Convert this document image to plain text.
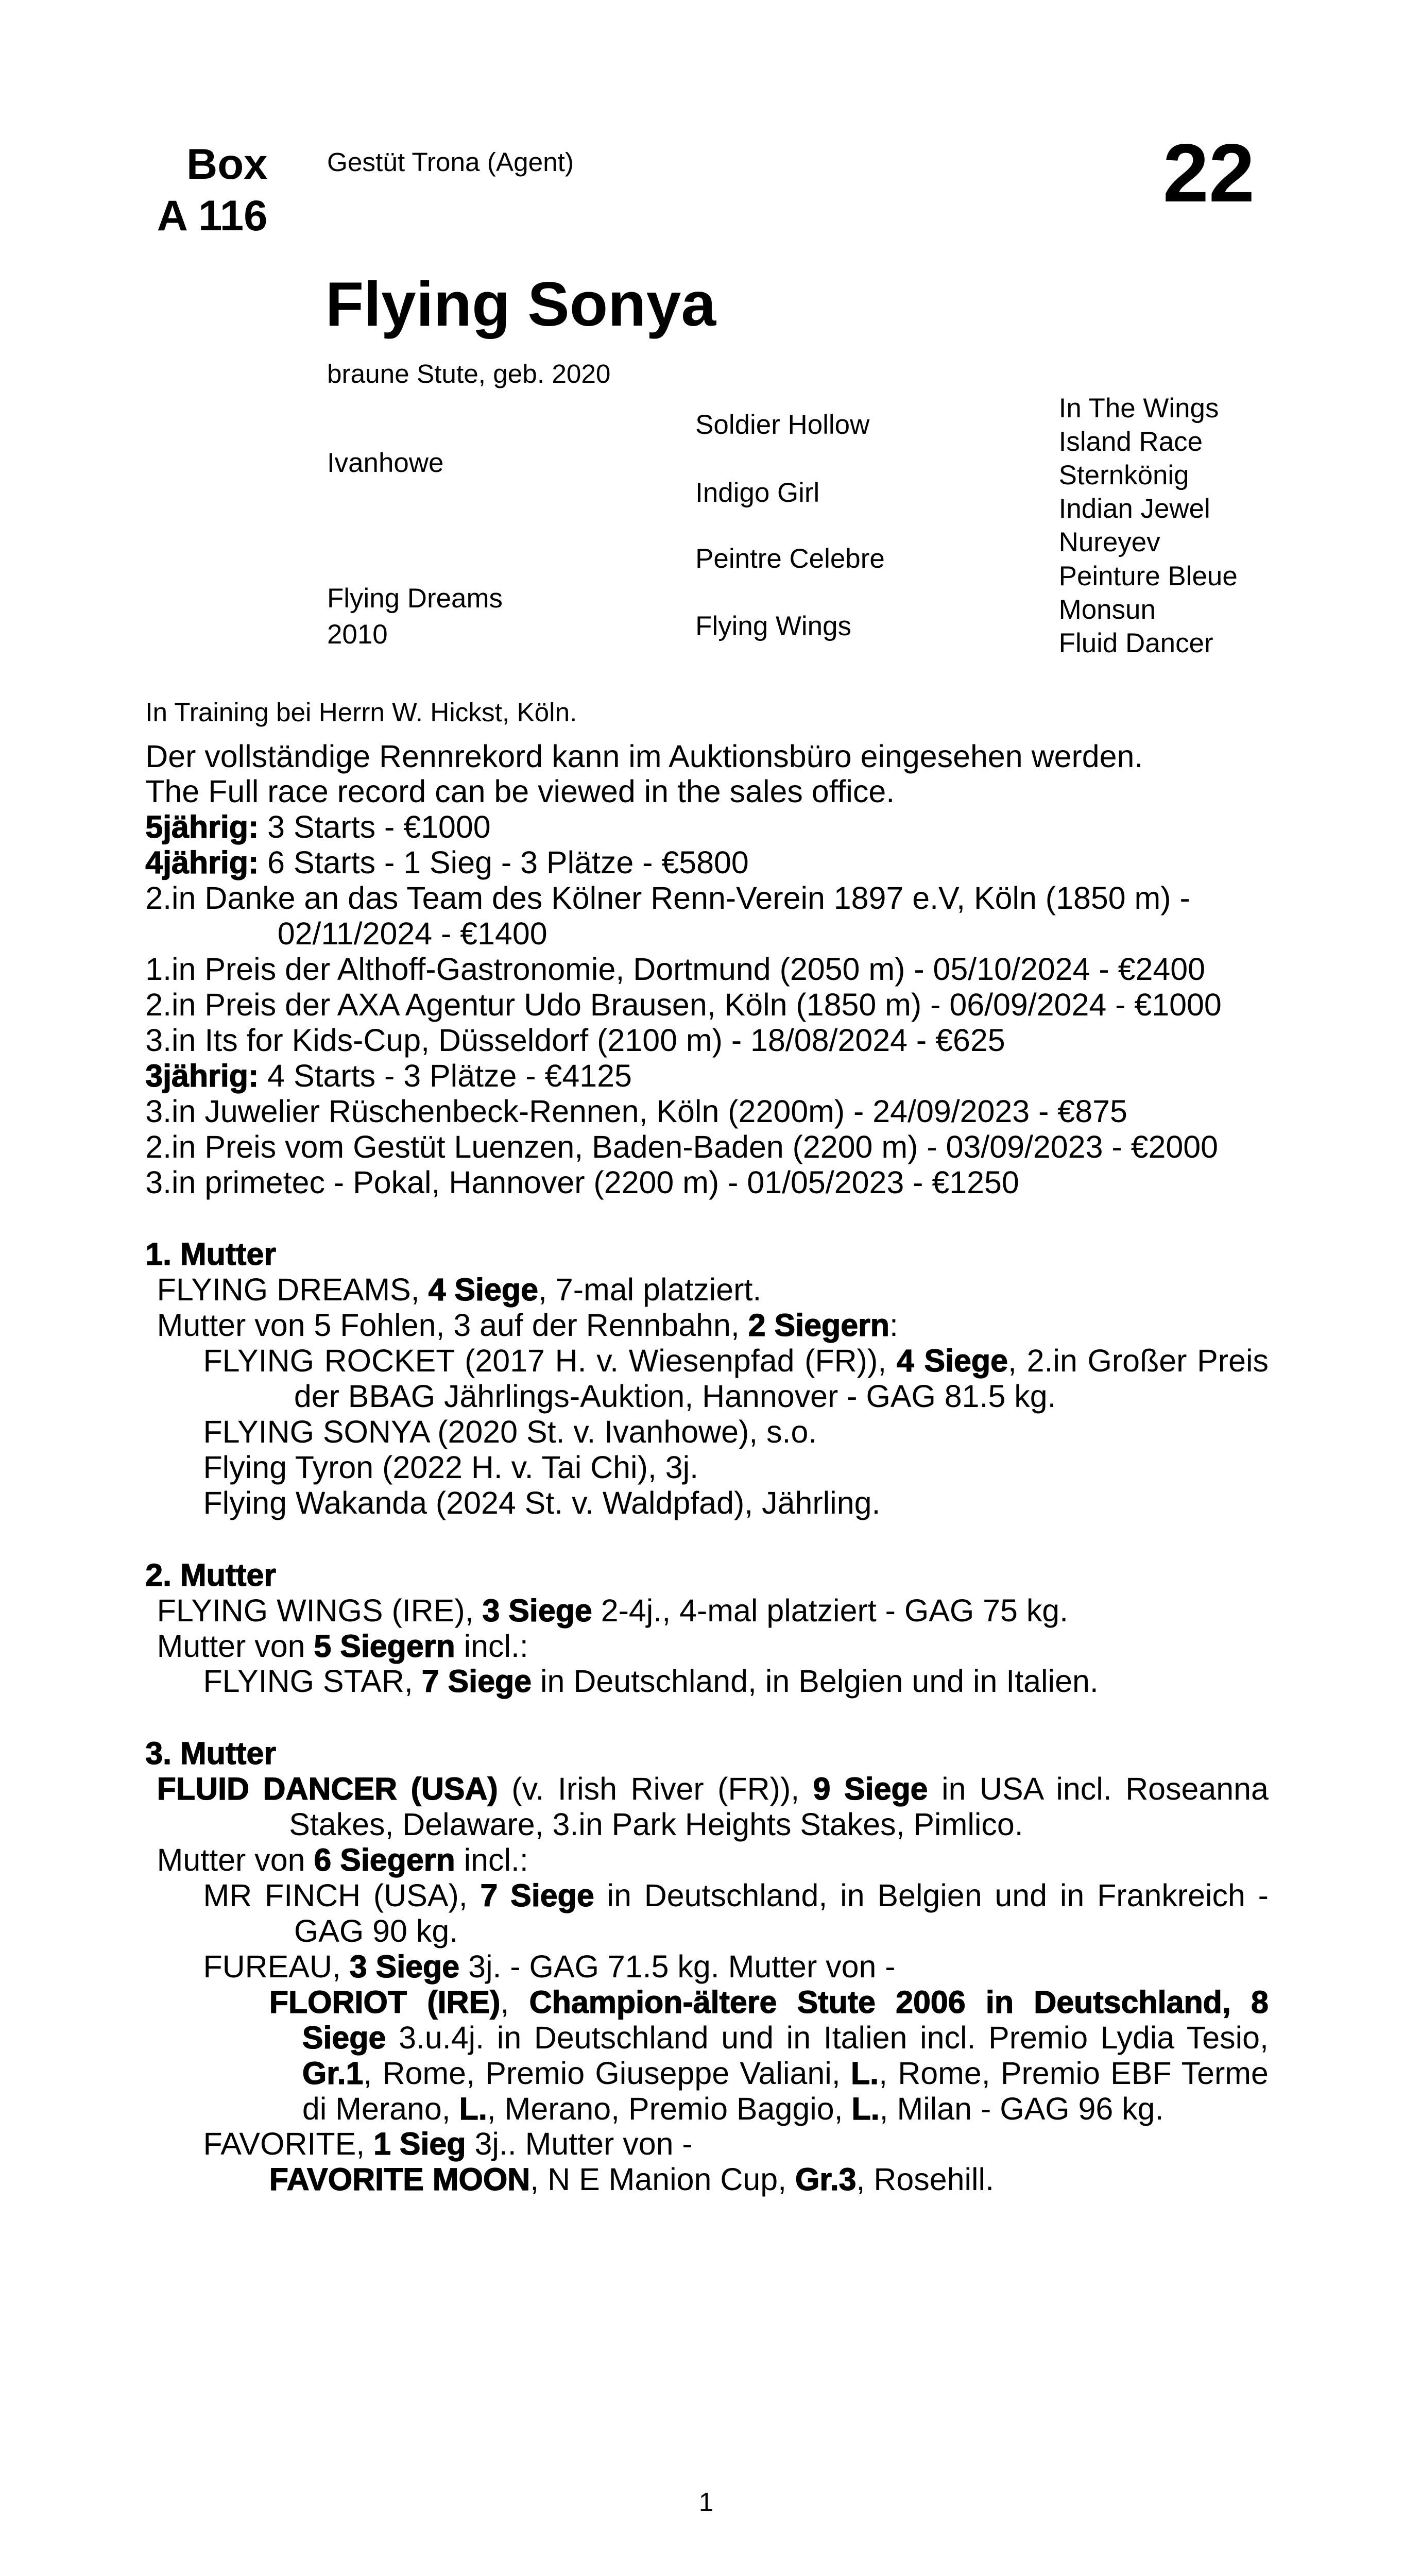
Box
A 116
Gestüt Trona (Agent)	22
Flying Sonya
braune Stute, geb. 2020
Ivanhowe
Flying Dreams
2010
Soldier Hollow
Indigo Girl
Peintre Celebre
Flying Wings
In The Wings
Island Race
Sternkönig
Indian Jewel
Nureyev
Peinture Bleue
Monsun
Fluid Dancer
In Training bei Herrn W. Hickst, Köln.
Der vollständige Rennrekord kann im Auktionsbüro eingesehen werden.
The Full race record can be viewed in the sales office.
5jährig: 3 Starts - €1000
4jährig: 6 Starts - 1 Sieg - 3 Plätze - €5800
2.in Danke an das Team des Kölner Renn-Verein 1897 e.V, Köln (1850 m) - 02/11/2024 - €1400
1.in Preis der Althoff-Gastronomie, Dortmund (2050 m) - 05/10/2024 - €2400
2.in Preis der AXA Agentur Udo Brausen, Köln (1850 m) - 06/09/2024 - €1000
3.in Its for Kids-Cup, Düsseldorf (2100 m) - 18/08/2024 - €625
3jährig: 4 Starts - 3 Plätze - €4125
3.in Juwelier Rüschenbeck-Rennen, Köln (2200m) - 24/09/2023 - €875
2.in Preis vom Gestüt Luenzen, Baden-Baden (2200 m) - 03/09/2023 - €2000
3.in primetec - Pokal, Hannover (2200 m) - 01/05/2023 - €1250
1. Mutter
FLYING DREAMS, 4 Siege, 7-mal platziert.
Mutter von 5 Fohlen, 3 auf der Rennbahn, 2 Siegern:
FLYING ROCKET (2017 H. v. Wiesenpfad (FR)), 4 Siege, 2.in Großer Preis der BBAG Jährlings-Auktion, Hannover - GAG 81.5 kg.
FLYING SONYA (2020 St. v. Ivanhowe), s.o.
Flying Tyron (2022 H. v. Tai Chi), 3j.
Flying Wakanda (2024 St. v. Waldpfad), Jährling.
2. Mutter
FLYING WINGS (IRE), 3 Siege 2-4j., 4-mal platziert - GAG 75 kg.
Mutter von 5 Siegern incl.:
FLYING STAR, 7 Siege in Deutschland, in Belgien und in Italien.
3. Mutter
FLUID DANCER (USA) (v. Irish River (FR)), 9 Siege in USA incl. Roseanna Stakes, Delaware, 3.in Park Heights Stakes, Pimlico.
Mutter von 6 Siegern incl.:
MR FINCH (USA), 7 Siege in Deutschland, in Belgien und in Frankreich - GAG 90 kg.
FUREAU, 3 Siege 3j. - GAG 71.5 kg. Mutter von -
FLORIOT (IRE), Champion-ältere Stute 2006 in Deutschland, 8 Siege 3.u.4j. in Deutschland und in Italien incl. Premio Lydia Tesio, Gr.1, Rome, Premio Giuseppe Valiani, L., Rome, Premio EBF Terme di Merano, L., Merano, Premio Baggio, L., Milan - GAG 96 kg.
FAVORITE, 1 Sieg 3j.. Mutter von -
FAVORITE MOON, N E Manion Cup, Gr.3, Rosehill.
1
